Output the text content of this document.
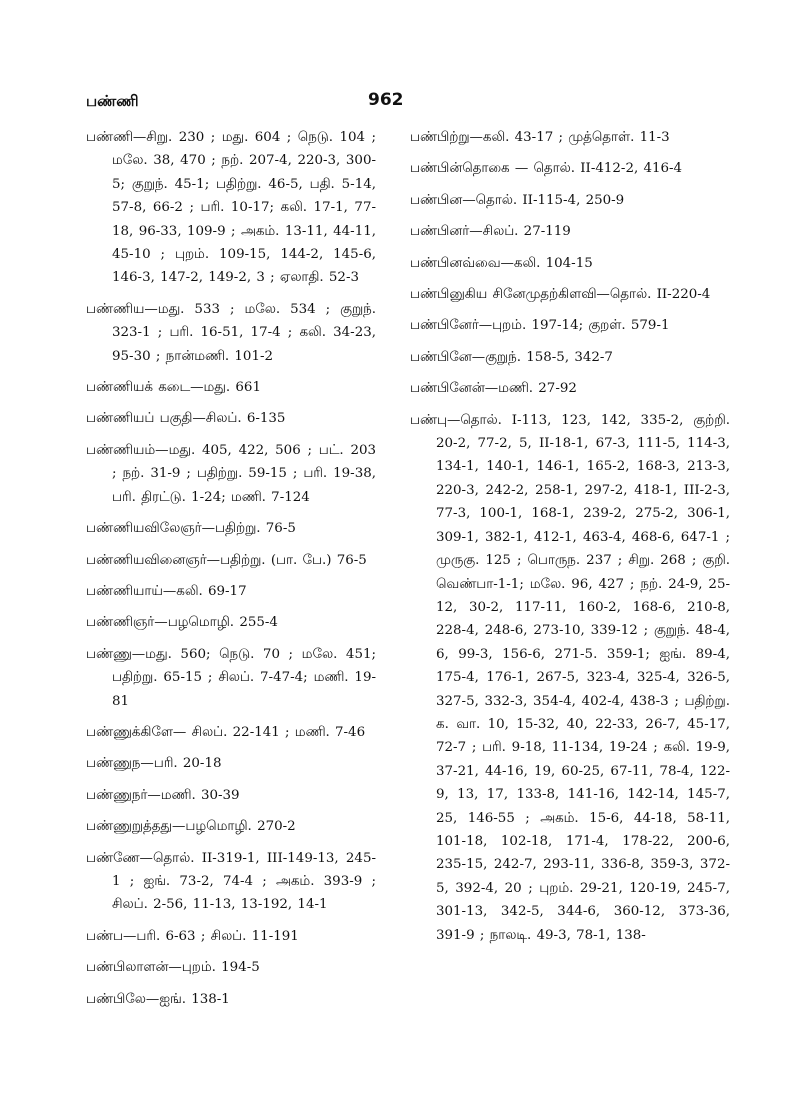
பண்ணி	962

பண்ணி—சிறு. 230 ; மது. 604 ; நெடு. 104 ; மலே. 38, 470 ; நற். 207-4, 220-3, 300-5; குறுந். 45-1; பதிற்று. 46-5, பதி. 5-14, 57-8, 66-2 ; பரி. 10-17; கலி. 17-1, 77-18, 96-33, 109-9 ; அகம். 13-11, 44-11, 45-10 ; புறம். 109-15, 144-2, 145-6, 146-3, 147-2, 149-2, 3 ; ஏலாதி. 52-3

பண்ணிய—மது. 533 ; மலே. 534 ; குறுந். 323-1 ; பரி. 16-51, 17-4 ; கலி. 34-23, 95-30 ; நான்மணி. 101-2

பண்ணியக் கடை—மது. 661

பண்ணியப் பகுதி—சிலப். 6-135

பண்ணியம்—மது. 405, 422, 506 ; பட். 203 ; நற். 31-9 ; பதிற்று. 59-15 ; பரி. 19-38, பரி. திரட்டு. 1-24; மணி. 7-124

பண்ணியவிலேஞர்—பதிற்று. 76-5

பண்ணியவினைஞர்—பதிற்று. (பா. பே.) 76-5

பண்ணியாய்—கலி. 69-17

பண்ணிஞர்—பழமொழி. 255-4

பண்ணு—மது. 560; நெடு. 70 ; மலே. 451; பதிற்று. 65-15 ; சிலப். 7-47-4; மணி. 19-81

பண்ணுக்கிளே— சிலப். 22-141 ; மணி. 7-46

பண்ணுந—பரி. 20-18

பண்ணுநர்—மணி. 30-39

பண்ணுறுத்தது—பழமொழி. 270-2

பண்ணே—தொல். II-319-1, III-149-13, 245-1 ; ஐங். 73-2, 74-4 ; அகம். 393-9 ; சிலப். 2-56, 11-13, 13-192, 14-1

பண்ப—பரி. 6-63 ; சிலப். 11-191

பண்பிலாளன்—புறம். 194-5

பண்பிலே—ஐங். 138-1

பண்பிற்று—கலி. 43-17 ; முத்தொள். 11-3

பண்பின்தொகை — தொல். II-412-2, 416-4

பண்பின—தொல். II-115-4, 250-9

பண்பினர்—சிலப். 27-119

பண்பினவ்வை—கலி. 104-15

பண்பினுகிய சினேமுதற்கிளவி—தொல். II-220-4

பண்பினேர்—புறம். 197-14; குறள். 579-1

பண்பினே—குறுந். 158-5, 342-7

பண்பினேன்—மணி. 27-92

பண்பு—தொல். I-113, 123, 142, 335-2, குற்றி. 20-2, 77-2, 5, II-18-1, 67-3, 111-5, 114-3, 134-1, 140-1, 146-1, 165-2, 168-3, 213-3, 220-3, 242-2, 258-1, 297-2, 418-1, III-2-3, 77-3, 100-1, 168-1, 239-2, 275-2, 306-1, 309-1, 382-1, 412-1, 463-4, 468-6, 647-1 ; முருகு. 125 ; பொருந. 237 ; சிறு. 268 ; குறி. வெண்பா-1-1; மலே. 96, 427 ; நற். 24-9, 25-12, 30-2, 117-11, 160-2, 168-6, 210-8, 228-4, 248-6, 273-10, 339-12 ; குறுந். 48-4, 6, 99-3, 156-6, 271-5. 359-1; ஐங். 89-4, 175-4, 176-1, 267-5, 323-4, 325-4, 326-5, 327-5, 332-3, 354-4, 402-4, 438-3 ; பதிற்று. க. வா. 10, 15-32, 40, 22-33, 26-7, 45-17, 72-7 ; பரி. 9-18, 11-134, 19-24 ; கலி. 19-9, 37-21, 44-16, 19, 60-25, 67-11, 78-4, 122-9, 13, 17, 133-8, 141-16, 142-14, 145-7, 25, 146-55 ; அகம். 15-6, 44-18, 58-11, 101-18, 102-18, 171-4, 178-22, 200-6, 235-15, 242-7, 293-11, 336-8, 359-3, 372-5, 392-4, 20 ; புறம். 29-21, 120-19, 245-7, 301-13, 342-5, 344-6, 360-12, 373-36, 391-9 ; நாலடி. 49-3, 78-1, 138-
